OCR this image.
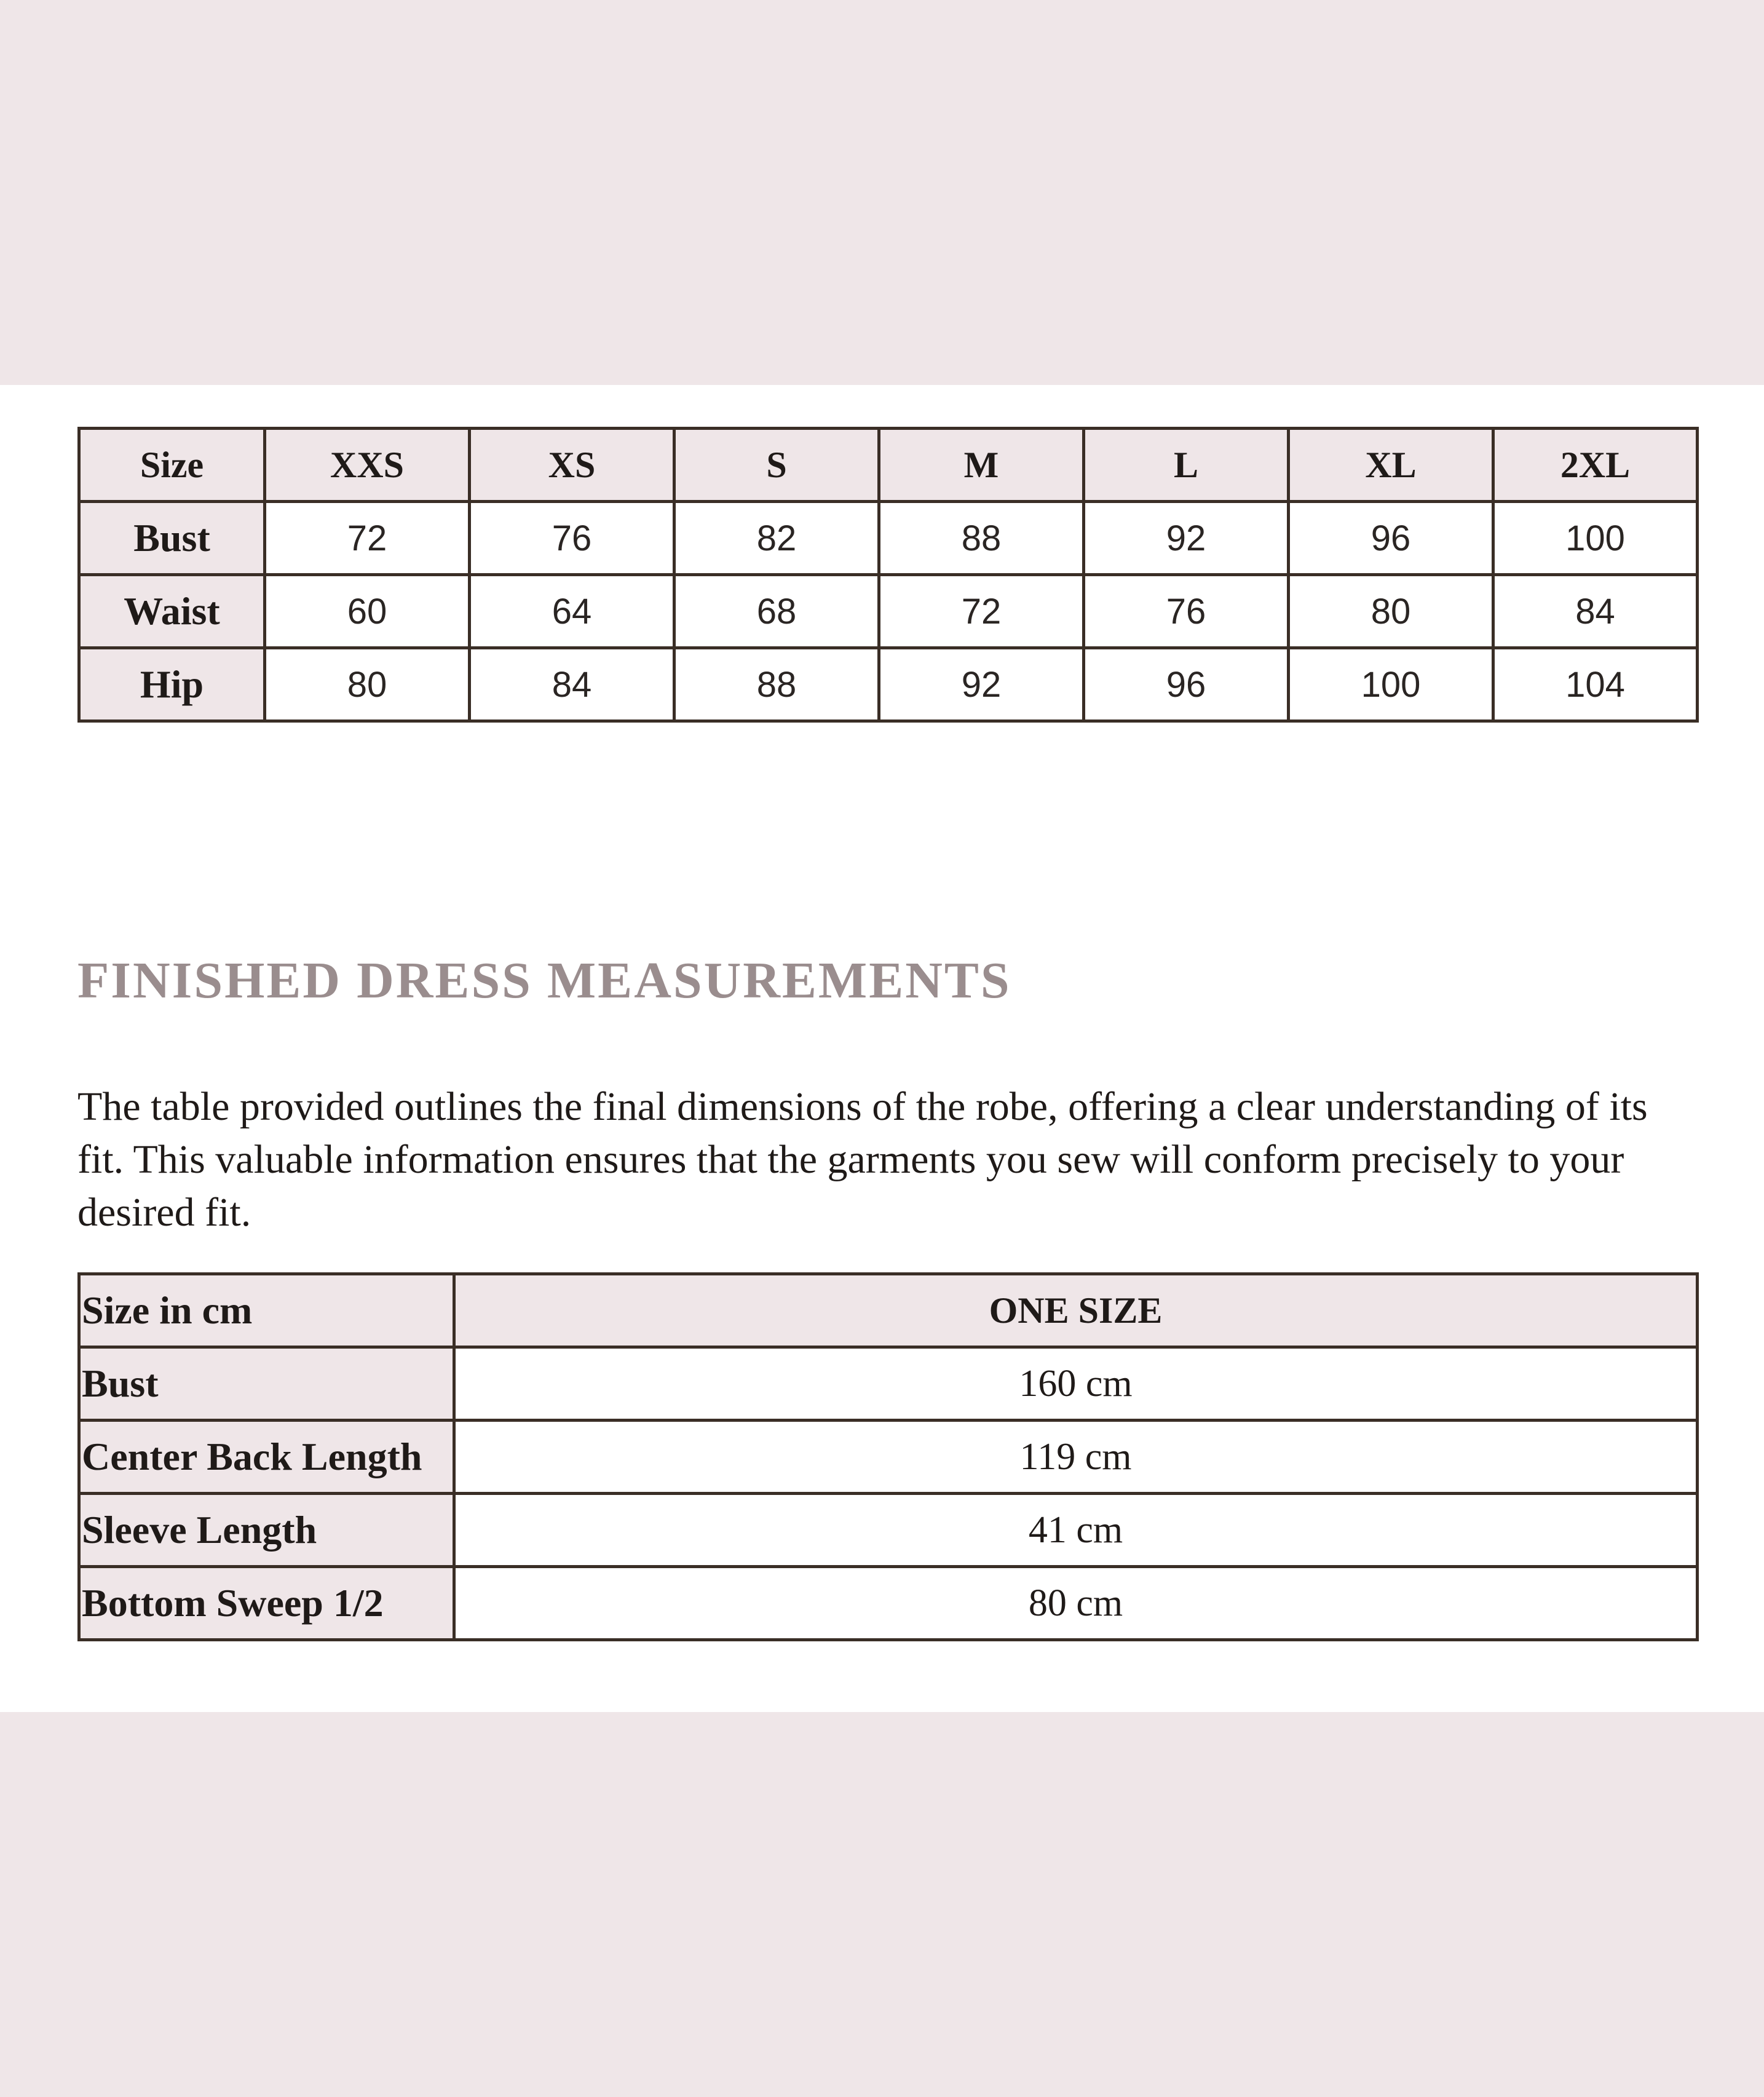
Size	XXS	XS	S	M	L	XL	2XL
Bust	72	76	82	88	92	96	100
Waist	60	64	68	72	76	80	84
Hip	80	84	88	92	96	100	104
FINISHED DRESS MEASUREMENTS

The table provided outlines the final dimensions of the robe, offering a clear understanding of its fit. This valuable information ensures that the garments you sew will conform precisely to your desired fit.

Size in cm	ONE SIZE
Bust	160 cm
Center Back Length	119 cm
Sleeve Length	41 cm
Bottom Sweep 1/2	80 cm
